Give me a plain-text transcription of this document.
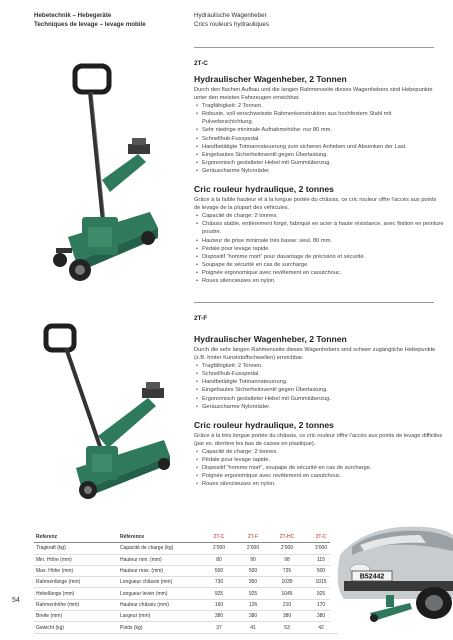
Hebetechnik – Hebegeräte
Techniques de levage – levage mobile
Hydraulische Wagenheber
Crics rouleurs hydrauliques
2T-C
Hydraulischer Wagenheber, 2 Tonnen

Durch den flachen Aufbau und die langen Rahmenseite dieses Wagenhebers sind Hebepunkte unter den meisten Fahrzeugen erreichbar.

• Tragfähigkeit: 2 Tonnen.
• Robuste, voll verschweisste Rahmenkonstruktion aus hochfestem Stahl mit Pulverbeschichtung.
• Sehr niedrige minimale Aufnahmehöhe: nur 80 mm.
• Schnellhub-Fusspedal.
• Handbetätigte Totmannsteuerung zum sicheren Anheben und Absenken der Last.
• Eingebautes Sicherheitsventil gegen Überlastung.
• Ergonomisch gestalteter Hebel mit Gummiüberzug.
• Geräuscharme Nylonräder.
Cric rouleur hydraulique, 2 tonnes

Grâce à la faible hauteur et à la longue portée du châssis, ce cric rouleur offre l’accès aux points de levage de la plupart des véhicules.

• Capacité de charge: 2 tonnes.
• Châssis stable, entièrement forgé, fabriqué en acier à haute résistance, avec finition en peinture poudre.
• Hauteur de prise minimale très basse: seul. 80 mm.
• Pédale pour levage rapide.
• Dispositif “homme mort” pour davantage de précision et sécurité.
• Soupape de sécurité en cas de surcharge.
• Poignée ergonomique avec revêtement en caoutchouc.
• Roues silencieuses en nylon.
2T-F
Hydraulischer Wagenheber, 2 Tonnen

Durch die sehr langen Rahmenseite dieses Wagenhebers sind schwer zugängliche Hebepunkte (z.B. hinter Kunststoffschwellen) erreichbar.

• Tragfähigkeit: 2 Tonnen.
• Schnellhub-Fusspedal.
• Handbetätigte Totmannsteuerung.
• Eingebautes Sicherheitsventil gegen Überlastung.
• Ergonomisch gestalteter Hebel mit Gummiüberzug.
• Geräuscharme Nylonräder.
Cric rouleur hydraulique, 2 tonnes

Grâce à la très longue portée du châssis, ce cric rouleur offre l’accès aux points de levage difficiles (par ex. derrière les bas de caisse en plastique).

• Capacité de charge: 2 tonnes.
• Pédale pour levage rapide.
• Dispositif “homme mort”, soupape de sécurité en cas de surcharge.
• Poignée ergonomique avec revêtement en caoutchouc.
• Roues silencieuses en nylon.
Referenz	Référence	2T-C	2T-F	2T-HC	3T-C
Tragkraft (kg)	Capacité de charge (kg)	2’000	2’000	2’000	3’000
Min. Höhe (mm)	Hauteur min. (mm)	80	90	98	115
Max. Höhe (mm)	Hauteur max. (mm)	500	500	735	500
Rahmenlänge (mm)	Longueur châssis (mm)	730	950	1035	1015
Hebellänge (mm)	Longueur levier (mm)	925	925	1045	925
Rahmenhöhe (mm)	Hauteur châssis (mm)	160	126	210	170
Breite (mm)	Largeur (mm)	380	380	380	380
Gewicht (kg)	Poids (kg)	37	41	53	42
B52442
54
